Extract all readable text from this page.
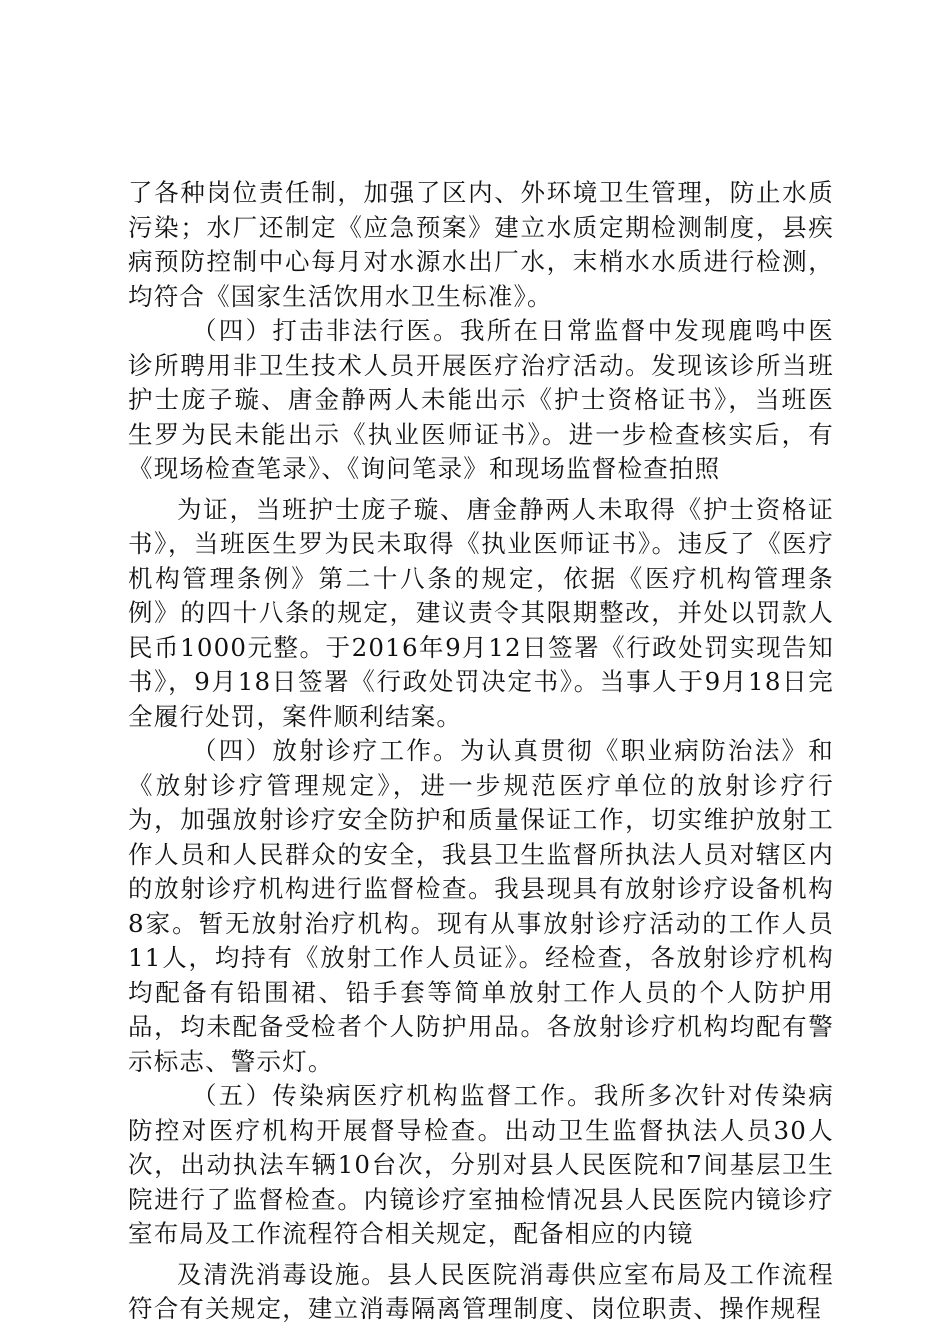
了各种岗位责任制，加强了区内、外环境卫生管理，防止水质污染；水厂还制定《应急预案》建立水质定期检测制度，县疾病预防控制中心每月对水源水出厂水，末梢水水质进行检测，均符合《国家生活饮用水卫生标准》。

（四）打击非法行医。我所在日常监督中发现鹿鸣中医诊所聘用非卫生技术人员开展医疗治疗活动。发现该诊所当班护士庞子璇、唐金静两人未能出示《护士资格证书》，当班医生罗为民未能出示《执业医师证书》。进一步检查核实后，有《现场检查笔录》、《询问笔录》和现场监督检查拍照

为证，当班护士庞子璇、唐金静两人未取得《护士资格证书》，当班医生罗为民未取得《执业医师证书》。违反了《医疗机构管理条例》第二十八条的规定，依据《医疗机构管理条例》的四十八条的规定，建议责令其限期整改，并处以罚款人民币1000元整。于2016年9月12日签署《行政处罚实现告知书》，9月18日签署《行政处罚决定书》。当事人于9月18日完全履行处罚，案件顺利结案。

（四）放射诊疗工作。为认真贯彻《职业病防治法》和《放射诊疗管理规定》，进一步规范医疗单位的放射诊疗行为，加强放射诊疗安全防护和质量保证工作，切实维护放射工作人员和人民群众的安全，我县卫生监督所执法人员对辖区内的放射诊疗机构进行监督检查。我县现具有放射诊疗设备机构8家。暂无放射治疗机构。现有从事放射诊疗活动的工作人员11人，均持有《放射工作人员证》。经检查，各放射诊疗机构均配备有铅围裙、铅手套等简单放射工作人员的个人防护用品，均未配备受检者个人防护用品。各放射诊疗机构均配有警示标志、警示灯。

（五）传染病医疗机构监督工作。我所多次针对传染病防控对医疗机构开展督导检查。出动卫生监督执法人员30人次，出动执法车辆10台次，分别对县人民医院和7间基层卫生院进行了监督检查。内镜诊疗室抽检情况县人民医院内镜诊疗室布局及工作流程符合相关规定，配备相应的内镜

及清洗消毒设施。县人民医院消毒供应室布局及工作流程符合有关规定，建立消毒隔离管理制度、岗位职责、操作规程
